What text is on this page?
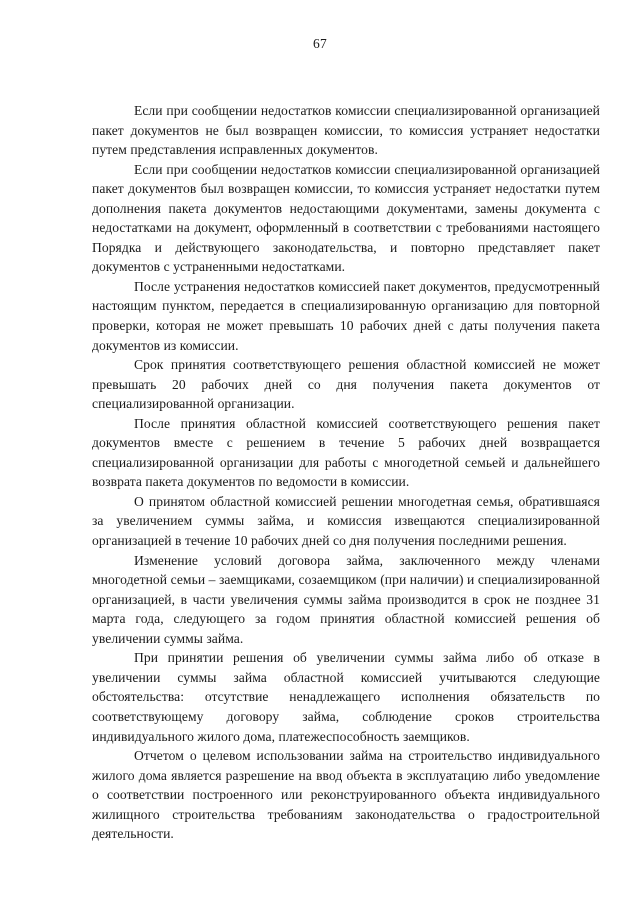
67

Если при сообщении недостатков комиссии специализированной организацией пакет документов не был возвращен комиссии, то комиссия устраняет недостатки путем представления исправленных документов.

Если при сообщении недостатков комиссии специализированной организацией пакет документов был возвращен комиссии, то комиссия устраняет недостатки путем дополнения пакета документов недостающими документами, замены документа с недостатками на документ, оформленный в соответствии с требованиями настоящего Порядка и действующего законодательства, и повторно представляет пакет документов с устраненными недостатками.

После устранения недостатков комиссией пакет документов, предусмотренный настоящим пунктом, передается в специализированную организацию для повторной проверки, которая не может превышать 10 рабочих дней с даты получения пакета документов из комиссии.

Срок принятия соответствующего решения областной комиссией не может превышать 20 рабочих дней со дня получения пакета документов от специализированной организации.

После принятия областной комиссией соответствующего решения пакет документов вместе с решением в течение 5 рабочих дней возвращается специализированной организации для работы с многодетной семьей и дальнейшего возврата пакета документов по ведомости в комиссии.

О принятом областной комиссией решении многодетная семья, обратившаяся за увеличением суммы займа, и комиссия извещаются специализированной организацией в течение 10 рабочих дней со дня получения последними решения.

Изменение условий договора займа, заключенного между членами многодетной семьи – заемщиками, созаемщиком (при наличии) и специализированной организацией, в части увеличения суммы займа производится в срок не позднее 31 марта года, следующего за годом принятия областной комиссией решения об увеличении суммы займа.

При принятии решения об увеличении суммы займа либо об отказе в увеличении суммы займа областной комиссией учитываются следующие обстоятельства: отсутствие ненадлежащего исполнения обязательств по соответствующему договору займа, соблюдение сроков строительства индивидуального жилого дома, платежеспособность заемщиков.

Отчетом о целевом использовании займа на строительство индивидуального жилого дома является разрешение на ввод объекта в эксплуатацию либо уведомление о соответствии построенного или реконструированного объекта индивидуального жилищного строительства требованиям законодательства о градостроительной деятельности.
